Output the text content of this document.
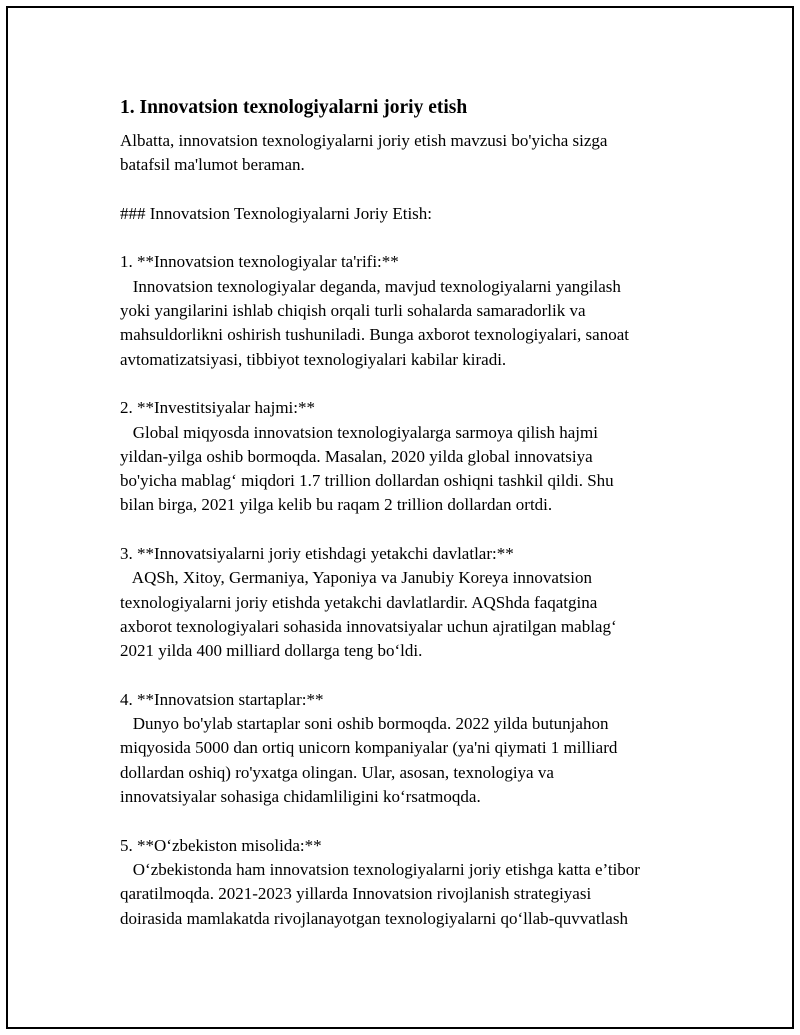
1. Innovatsion texnologiyalarni joriy etish
Albatta, innovatsion texnologiyalarni joriy etish mavzusi bo'yicha sizga
batafsil ma'lumot beraman.
### Innovatsion Texnologiyalarni Joriy Etish:
1. **Innovatsion texnologiyalar ta'rifi:**
Innovatsion texnologiyalar deganda, mavjud texnologiyalarni yangilash
yoki yangilarini ishlab chiqish orqali turli sohalarda samaradorlik va
mahsuldorlikni oshirish tushuniladi. Bunga axborot texnologiyalari, sanoat
avtomatizatsiyasi, tibbiyot texnologiyalari kabilar kiradi.
2. **Investitsiyalar hajmi:**
Global miqyosda innovatsion texnologiyalarga sarmoya qilish hajmi
yildan-yilga oshib bormoqda. Masalan, 2020 yilda global innovatsiya
bo'yicha mablag‘ miqdori 1.7 trillion dollardan oshiqni tashkil qildi. Shu
bilan birga, 2021 yilga kelib bu raqam 2 trillion dollardan ortdi.
3. **Innovatsiyalarni joriy etishdagi yetakchi davlatlar:**
AQSh, Xitoy, Germaniya, Yaponiya va Janubiy Koreya innovatsion
texnologiyalarni joriy etishda yetakchi davlatlardir. AQShda faqatgina
axborot texnologiyalari sohasida innovatsiyalar uchun ajratilgan mablag‘
2021 yilda 400 milliard dollarga teng bo‘ldi.
4. **Innovatsion startaplar:**
Dunyo bo'ylab startaplar soni oshib bormoqda. 2022 yilda butunjahon
miqyosida 5000 dan ortiq unicorn kompaniyalar (ya'ni qiymati 1 milliard
dollardan oshiq) ro'yxatga olingan. Ular, asosan, texnologiya va
innovatsiyalar sohasiga chidamliligini ko‘rsatmoqda.
5. **O‘zbekiston misolida:**
O‘zbekistonda ham innovatsion texnologiyalarni joriy etishga katta e’tibor
qaratilmoqda. 2021-2023 yillarda Innovatsion rivojlanish strategiyasi
doirasida mamlakatda rivojlanayotgan texnologiyalarni qo‘llab-quvvatlash
